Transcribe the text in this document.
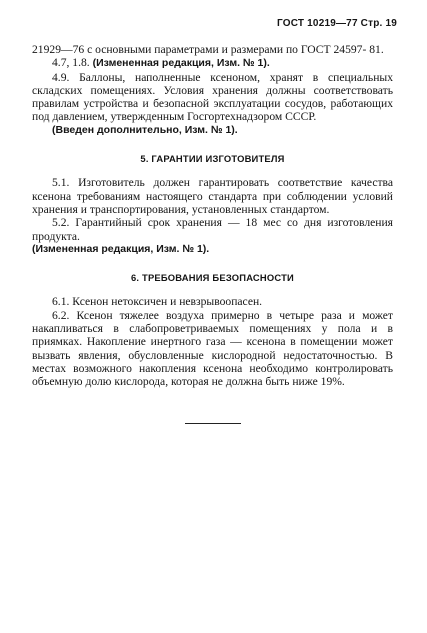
ГОСТ 10219—77 Стр. 19

21929—76 с основными параметрами и размерами по ГОСТ 24597- 81.

4.7, 1.8. (Измененная редакция, Изм. № 1).

4.9. Баллоны, наполненные ксеноном, хранят в специальных складских помещениях. Условия хранения должны соответствовать правилам устройства и безопасной эксплуатации сосудов, работающих под давлением, утвержденным Госгортехнадзором СССР.

(Введен дополнительно, Изм. № 1).

5. ГАРАНТИИ ИЗГОТОВИТЕЛЯ

5.1. Изготовитель должен гарантировать соответствие качества ксенона требованиям настоящего стандарта при соблюдении условий хранения и транспортирования, установленных стандартом.

5.2. Гарантийный срок хранения — 18 мес со дня изготовления продукта.

(Измененная редакция, Изм. № 1).

6. ТРЕБОВАНИЯ БЕЗОПАСНОСТИ

6.1. Ксенон нетоксичен и невзрывоопасен.

6.2. Ксенон тяжелее воздуха примерно в четыре раза и может накапливаться в слабопроветриваемых помещениях у пола и в приямках. Накопление инертного газа — ксенона в помещении может вызвать явления, обусловленные кислородной недостаточностью. В местах возможного накопления ксенона необходимо контролировать объемную долю кислорода, которая не должна быть ниже 19%.
